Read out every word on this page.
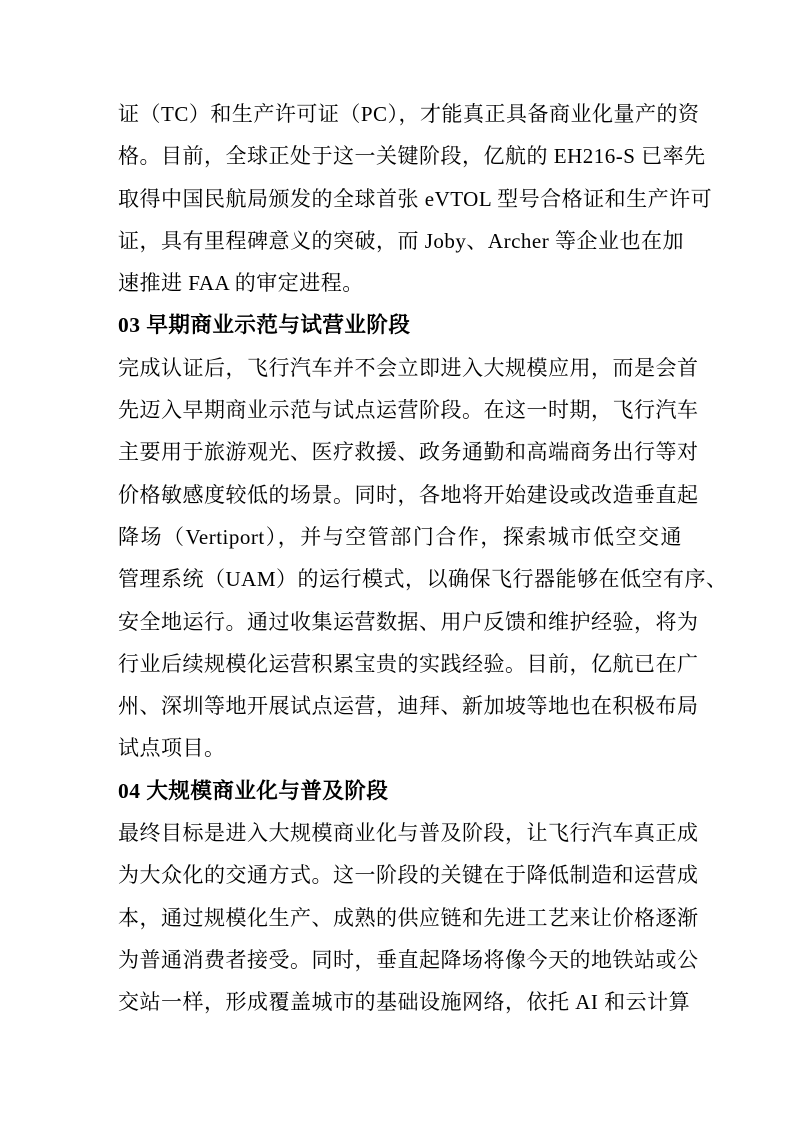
证（TC）和生产许可证（PC），才能真正具备商业化量产的资
格。目前，全球正处于这一关键阶段，亿航的 EH216-S 已率先
取得中国民航局颁发的全球首张 eVTOL 型号合格证和生产许可
证，具有里程碑意义的突破，而 Joby、Archer 等企业也在加
速推进 FAA 的审定进程。

03 早期商业示范与试营业阶段

完成认证后，飞行汽车并不会立即进入大规模应用，而是会首
先迈入早期商业示范与试点运营阶段。在这一时期，飞行汽车
主要用于旅游观光、医疗救援、政务通勤和高端商务出行等对
价格敏感度较低的场景。同时，各地将开始建设或改造垂直起
降场（Vertiport），并与空管部门合作，探索城市低空交通
管理系统（UAM）的运行模式，以确保飞行器能够在低空有序、
安全地运行。通过收集运营数据、用户反馈和维护经验，将为
行业后续规模化运营积累宝贵的实践经验。目前，亿航已在广
州、深圳等地开展试点运营，迪拜、新加坡等地也在积极布局
试点项目。

04 大规模商业化与普及阶段

最终目标是进入大规模商业化与普及阶段，让飞行汽车真正成
为大众化的交通方式。这一阶段的关键在于降低制造和运营成
本，通过规模化生产、成熟的供应链和先进工艺来让价格逐渐
为普通消费者接受。同时，垂直起降场将像今天的地铁站或公
交站一样，形成覆盖城市的基础设施网络，依托 AI 和云计算
